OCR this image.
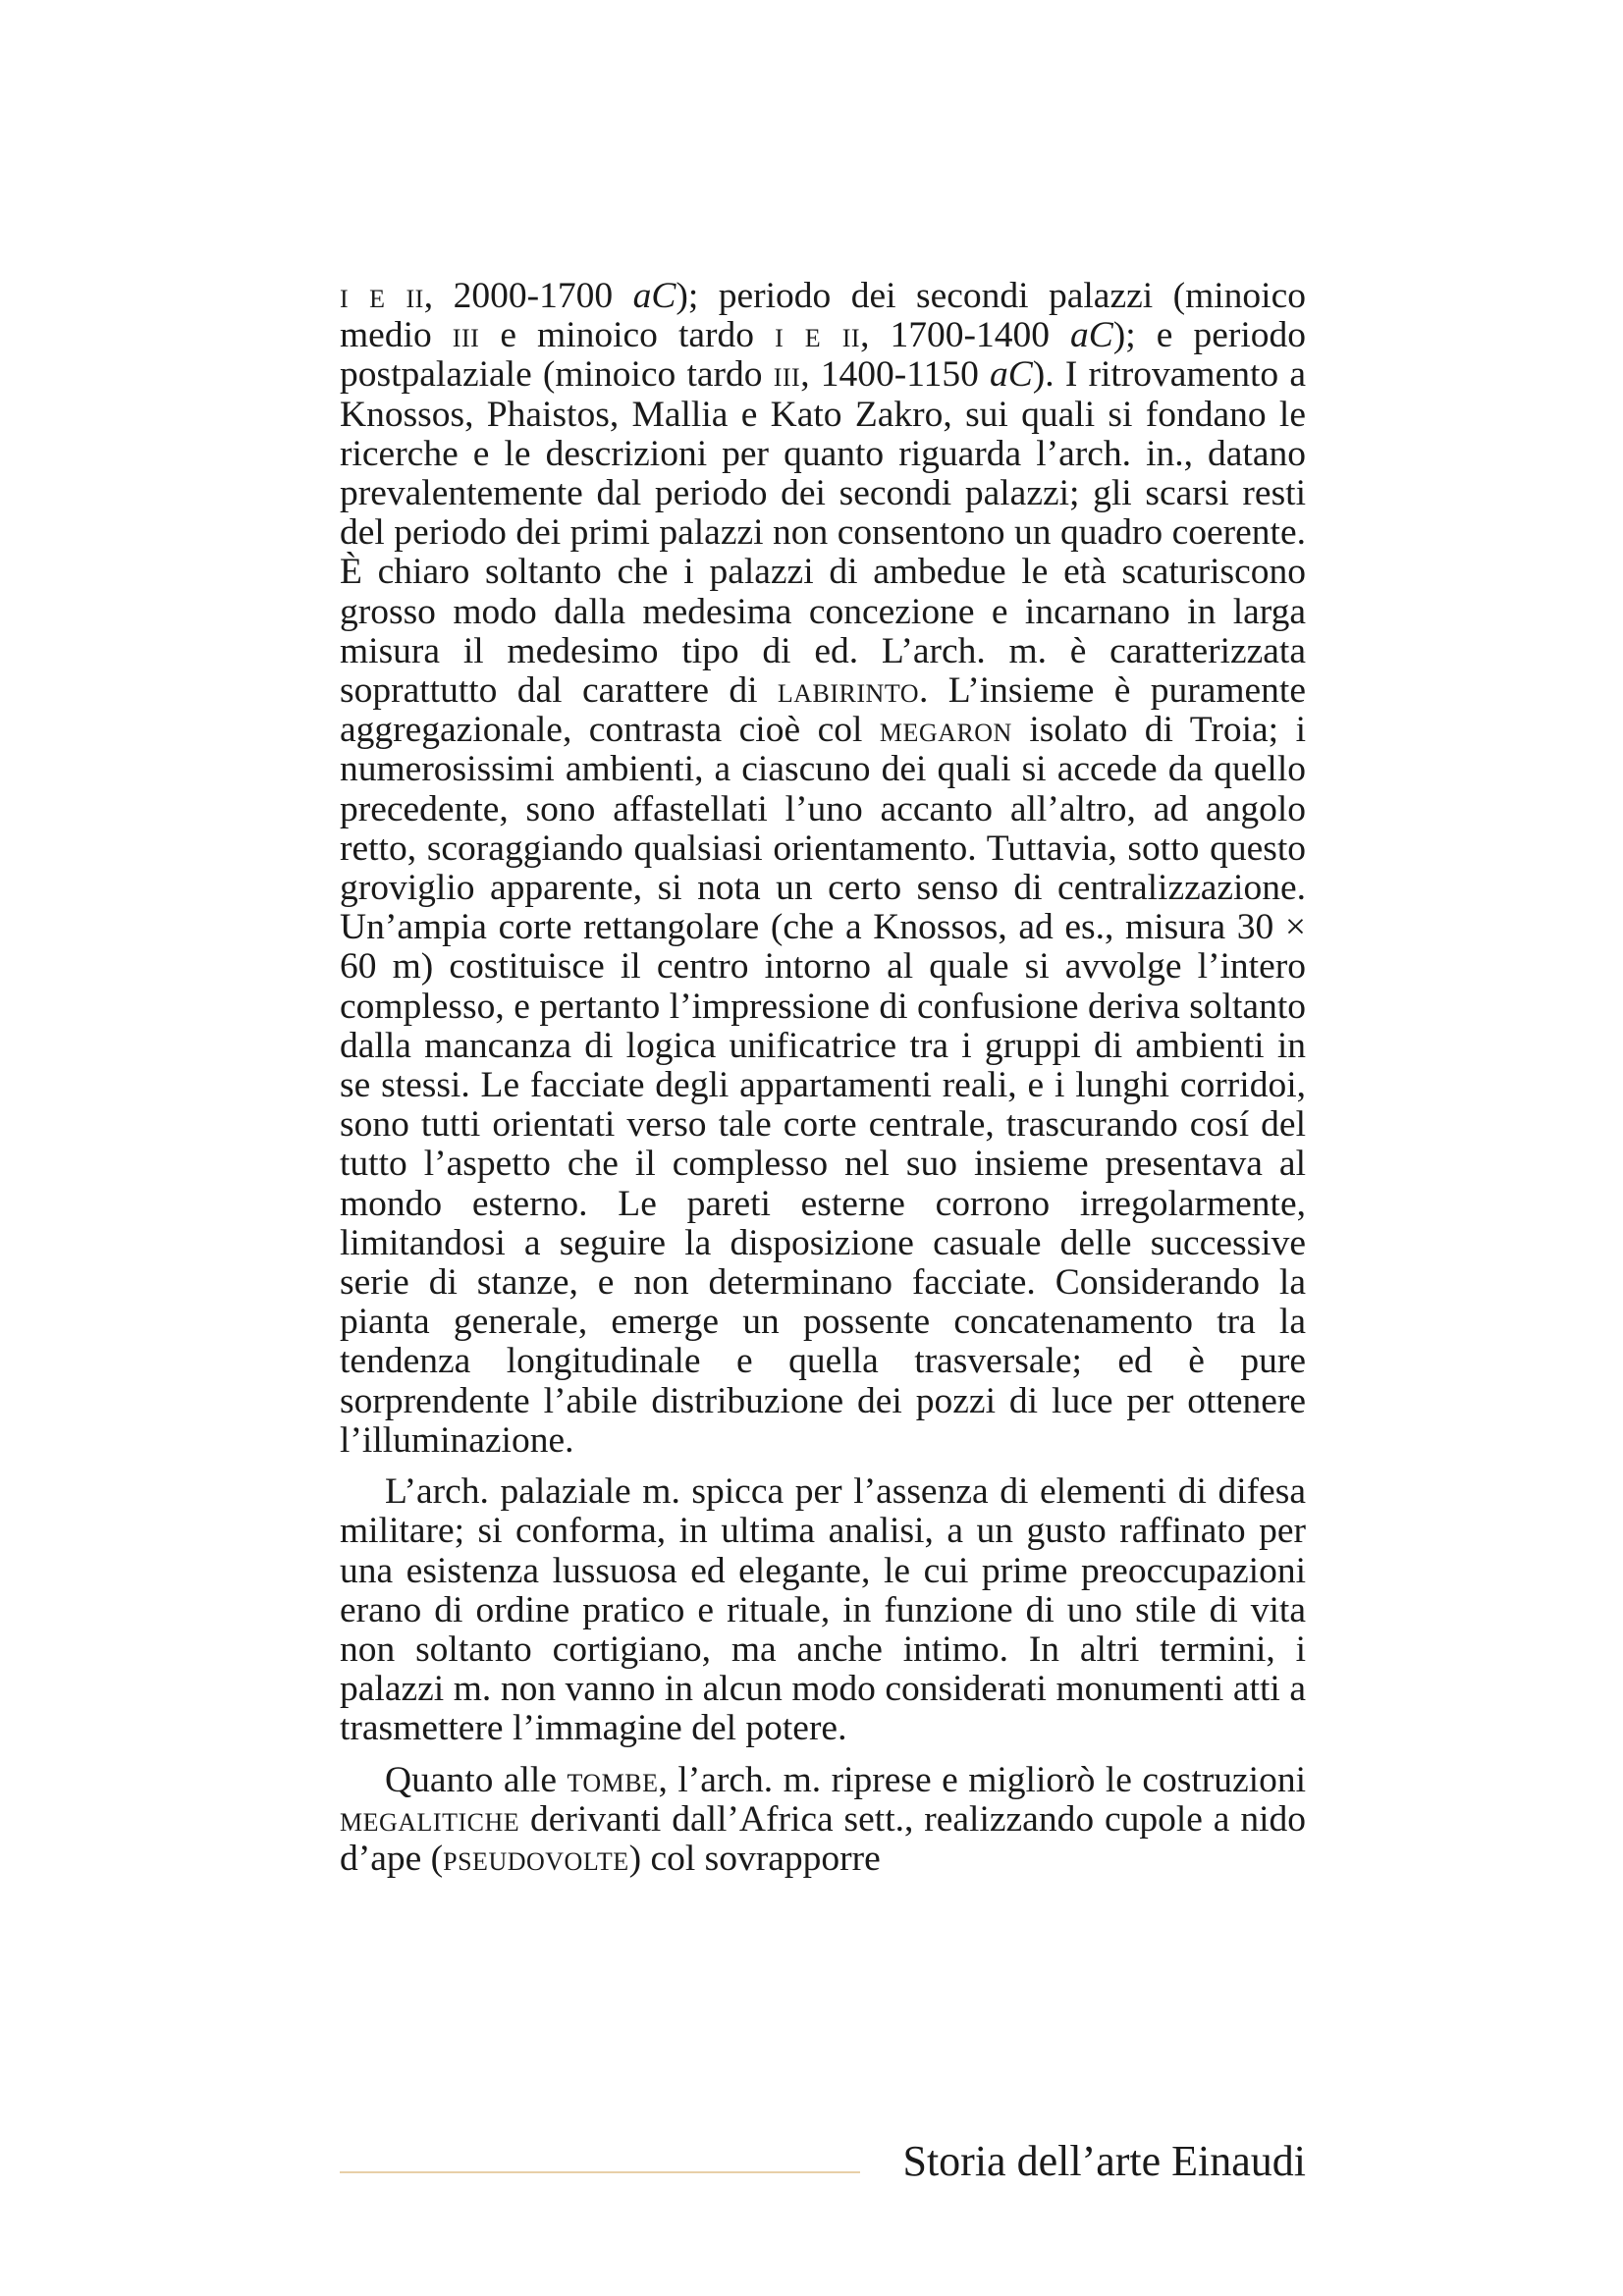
i e ii, 2000-1700 aC); periodo dei secondi palazzi (minoico medio iii e minoico tardo i e ii, 1700-1400 aC); e periodo postpalaziale (minoico tardo iii, 1400-1150 aC). I ritrovamento a Knossos, Phaistos, Mallia e Kato Zakro, sui quali si fondano le ricerche e le descrizioni per quanto riguarda l’arch. in., datano prevalentemente dal periodo dei secondi palazzi; gli scarsi resti del periodo dei primi palazzi non consentono un quadro coerente. È chiaro soltanto che i palazzi di ambedue le età scaturiscono grosso modo dalla medesima concezione e incarnano in larga misura il medesimo tipo di ed. L’arch. m. è caratterizzata soprattutto dal carattere di labirinto. L’insieme è puramente aggregazionale, contrasta cioè col megaron isolato di Troia; i numerosissimi ambienti, a ciascuno dei quali si accede da quello precedente, sono affastellati l’uno accanto all’altro, ad angolo retto, scoraggiando qualsiasi orientamento. Tuttavia, sotto questo groviglio apparente, si nota un certo senso di centralizzazione. Un’ampia corte rettangolare (che a Knossos, ad es., misura 30 × 60 m) costituisce il centro intorno al quale si avvolge l’intero complesso, e pertanto l’impressione di confusione deriva soltanto dalla mancanza di logica unificatrice tra i gruppi di ambienti in se stessi. Le facciate degli appartamenti reali, e i lunghi corridoi, sono tutti orientati verso tale corte centrale, trascurando cosí del tutto l’aspetto che il complesso nel suo insieme presentava al mondo esterno. Le pareti esterne corrono irregolarmente, limitandosi a seguire la disposizione casuale delle successive serie di stanze, e non determinano facciate. Considerando la pianta generale, emerge un possente concatenamento tra la tendenza longitudinale e quella trasversale; ed è pure sorprendente l’abile distribuzione dei pozzi di luce per ottenere l’illuminazione.

L’arch. palaziale m. spicca per l’assenza di elementi di difesa militare; si conforma, in ultima analisi, a un gusto raffinato per una esistenza lussuosa ed elegante, le cui prime preoccupazioni erano di ordine pratico e rituale, in funzione di uno stile di vita non soltanto cortigiano, ma anche intimo. In altri termini, i palazzi m. non vanno in alcun modo considerati monumenti atti a trasmettere l’immagine del potere.

Quanto alle tombe, l’arch. m. riprese e migliorò le costruzioni megalitiche derivanti dall’Africa sett., realizzando cupole a nido d’ape (pseudovolte) col sovrapporre

Storia dell’arte Einaudi
